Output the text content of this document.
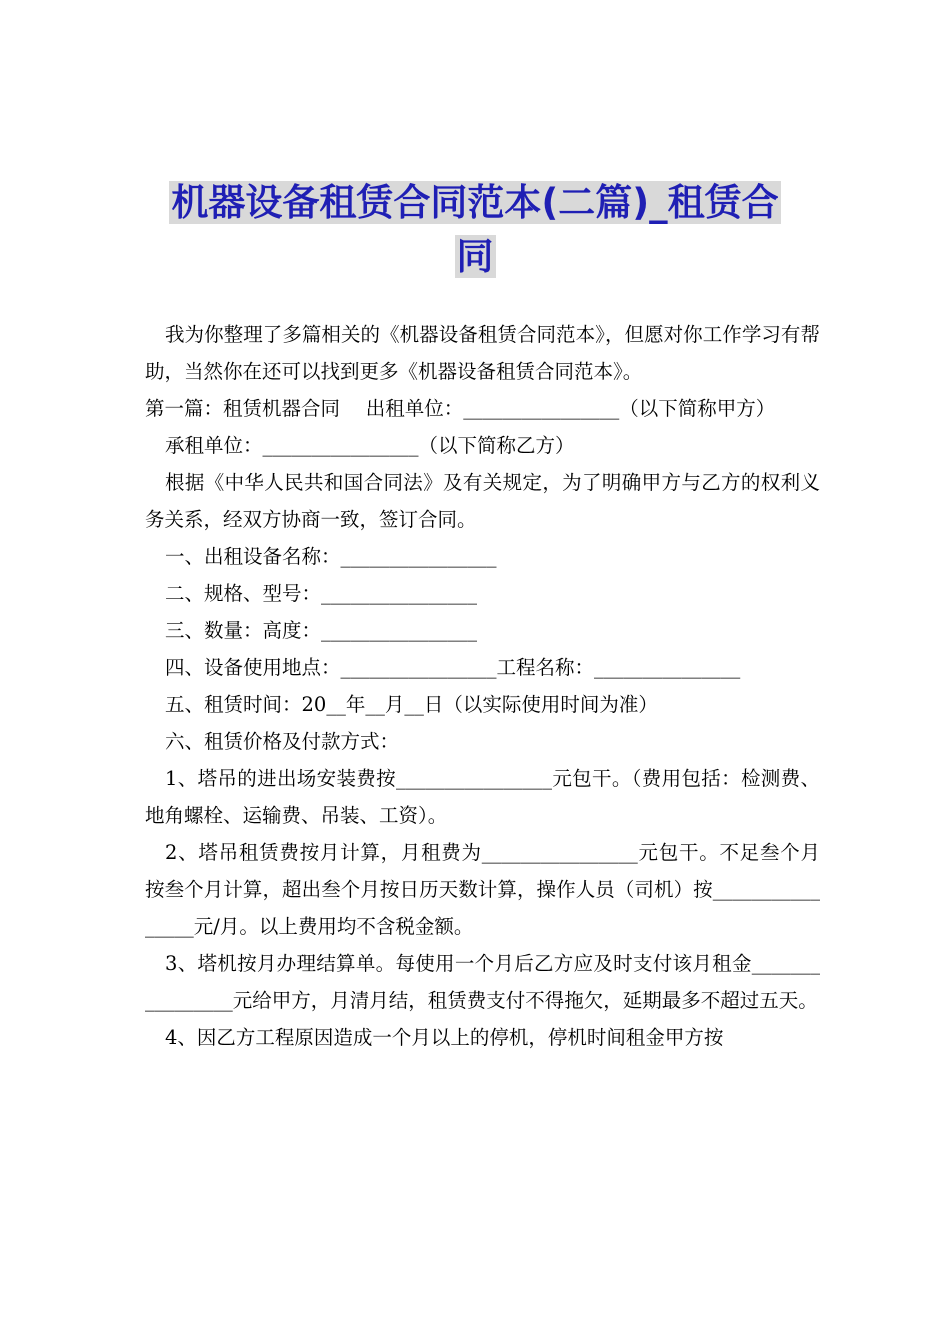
机器设备租赁合同范本(二篇)_租赁合
同

我为你整理了多篇相关的《机器设备租赁合同范本》，但愿对你工作学习有帮助，当然你在还可以找到更多《机器设备租赁合同范本》。

第一篇：租赁机器合同　 出租单位：________________（以下简称甲方）

承租单位：________________（以下简称乙方）

根据《中华人民共和国合同法》及有关规定，为了明确甲方与乙方的权利义务关系，经双方协商一致，签订合同。

一、出租设备名称：________________

二、规格、型号：________________

三、数量：高度：________________

四、设备使用地点：________________工程名称：_______________

五、租赁时间：20__年__月__日（以实际使用时间为准）

六、租赁价格及付款方式：

1、塔吊的进出场安装费按________________元包干。（费用包括：检测费、地角螺栓、运输费、吊装、工资）。

2、塔吊租赁费按月计算，月租费为________________元包干。不足叁个月按叁个月计算，超出叁个月按日历天数计算，操作人员（司机）按________________元/月。以上费用均不含税金额。

3、塔机按月办理结算单。每使用一个月后乙方应及时支付该月租金________________元给甲方，月清月结，租赁费支付不得拖欠，延期最多不超过五天。

4、因乙方工程原因造成一个月以上的停机，停机时间租金甲方按
